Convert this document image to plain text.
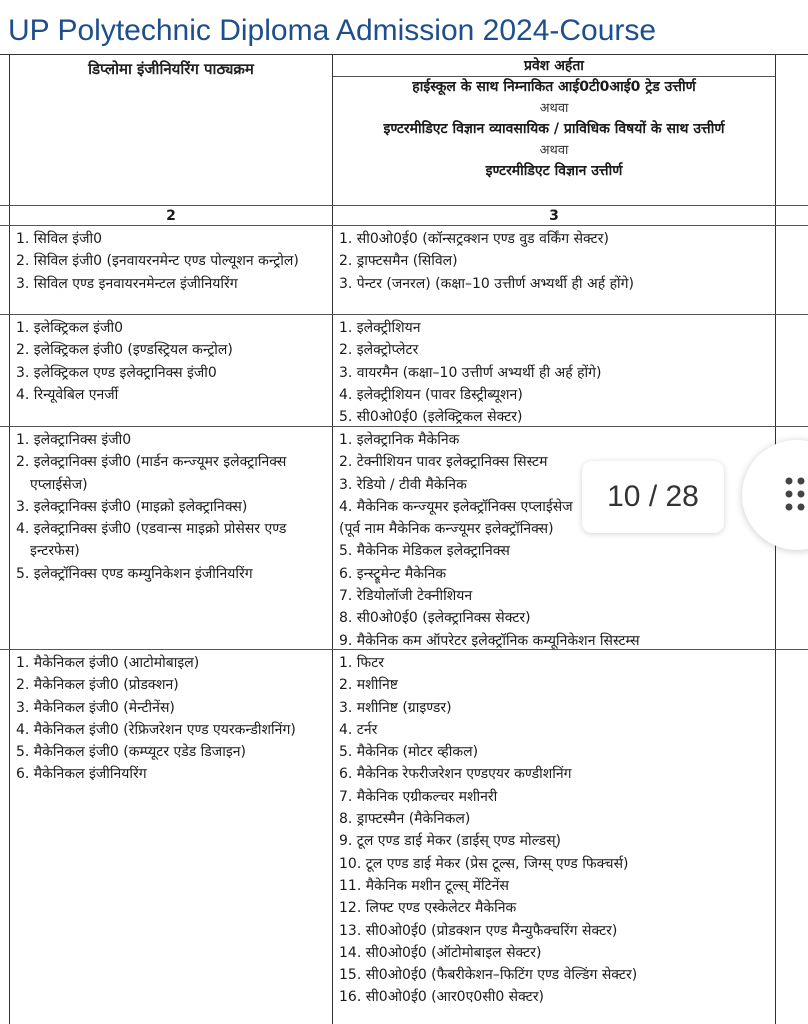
UP Polytechnic Diploma Admission 2024-Course
डिप्लोमा इंजीनियरिंग पाठ्यक्रम	प्रवेश अर्हता
हाईस्कूल के साथ निम्नाकित आई0टी0आई0 ट्रेड उत्तीर्ण
अथवा
इण्टरमीडिएट विज्ञान व्यावसायिक / प्राविधिक विषयों के साथ उत्तीर्ण
अथवा
इण्टरमीडिएट विज्ञान उत्तीर्ण
2	3
1. सिविल इंजी0
2. सिविल इंजी0 (इनवायरनमेन्ट एण्ड पोल्यूशन कन्ट्रोल)
3. सिविल एण्ड इनवायरनमेन्टल इंजीनियरिंग
1. सी0ओ0ई0 (कॉन्सट्रक्शन एण्ड वुड वर्किंग सेक्टर)
2. ड्राफ्टसमैन (सिविल)
3. पेन्टर (जनरल) (कक्षा–10 उत्तीर्ण अभ्यर्थी ही अर्ह होंगे)
1. इलेक्ट्रिकल इंजी0
2. इलेक्ट्रिकल इंजी0 (इण्डस्ट्रियल कन्ट्रोल)
3. इलेक्ट्रिकल एण्ड इलेक्ट्रानिक्स इंजी0
4. रिन्यूवेबिल एनर्जी
1. इलेक्ट्रीशियन
2. इलेक्ट्रोप्लेटर
3. वायरमैन (कक्षा–10 उत्तीर्ण अभ्यर्थी ही अर्ह होंगे)
4. इलेक्ट्रीशियन (पावर डिस्ट्रीब्यूशन)
5. सी0ओ0ई0 (इलेक्ट्रिकल सेक्टर)
1. इलेक्ट्रानिक्स इंजी0
2. इलेक्ट्रानिक्स इंजी0 (मार्डन कन्ज्यूमर इलेक्ट्रानिक्स एप्लाईसेज)
3. इलेक्ट्रानिक्स इंजी0 (माइक्रो इलेक्ट्रानिक्स)
4. इलेक्ट्रानिक्स इंजी0 (एडवान्स माइक्रो प्रोसेसर एण्ड इन्टरफेस)
5. इलेक्ट्रॉनिक्स एण्ड कम्युनिकेशन इंजीनियरिंग
1. इलेक्ट्रानिक मैकेनिक
2. टेक्नीशियन पावर इलेक्ट्रानिक्स सिस्टम
3. रेडियो / टीवी मैकेनिक
4. मैकेनिक कन्ज्यूमर इलेक्ट्रॉनिक्स एप्लाईसेज
(पूर्व नाम मैकेनिक कन्ज्यूमर इलेक्ट्रॉनिक्स)
5. मैकेनिक मेडिकल इलेक्ट्रानिक्स
6. इन्स्ट्रूमेन्ट मैकेनिक
7. रेडियोलॉजी टेक्नीशियन
8. सी0ओ0ई0 (इलेक्ट्रानिक्स सेक्टर)
9. मैकेनिक कम ऑपरेटर इलेक्ट्रॉनिक कम्यूनिकेशन सिस्टम्स
1. मैकेनिकल इंजी0 (आटोमोबाइल)
2. मैकेनिकल इंजी0 (प्रोडक्शन)
3. मैकेनिकल इंजी0 (मेन्टीनेंस)
4. मैकेनिकल इंजी0 (रेफ्रिजरेशन एण्ड एयरकन्डीशनिंग)
5. मैकेनिकल इंजी0 (कम्प्यूटर एडेड डिजाइन)
6. मैकेनिकल इंजीनियरिंग
1. फिटर
2. मशीनिष्ट
3. मशीनिष्ट (ग्राइण्डर)
4. टर्नर
5. मैकेनिक (मोटर व्हीकल)
6. मैकेनिक रेफरीजरेशन एण्डएयर कण्डीशनिंग
7. मैकेनिक एग्रीकल्चर मशीनरी
8. ड्राफ्टस्मैन (मैकेनिकल)
9. टूल एण्ड डाई मेकर (डाईस् एण्ड मोल्डस्)
10. टूल एण्ड डाई मेकर (प्रेस टूल्स, जिग्स् एण्ड फिक्चर्स)
11. मैकेनिक मशीन टूल्स् मेंटिनेंस
12. लिफ्ट एण्ड एस्केलेटर मैकेनिक
13. सी0ओ0ई0 (प्रोडक्शन एण्ड मैन्युफैक्चरिंग सेक्टर)
14. सी0ओ0ई0 (ऑटोमोबाइल सेक्टर)
15. सी0ओ0ई0 (फैबरीकेशन–फिटिंग एण्ड वेल्डिंग सेक्टर)
16. सी0ओ0ई0 (आर0ए0सी0 सेक्टर)
10 / 28
